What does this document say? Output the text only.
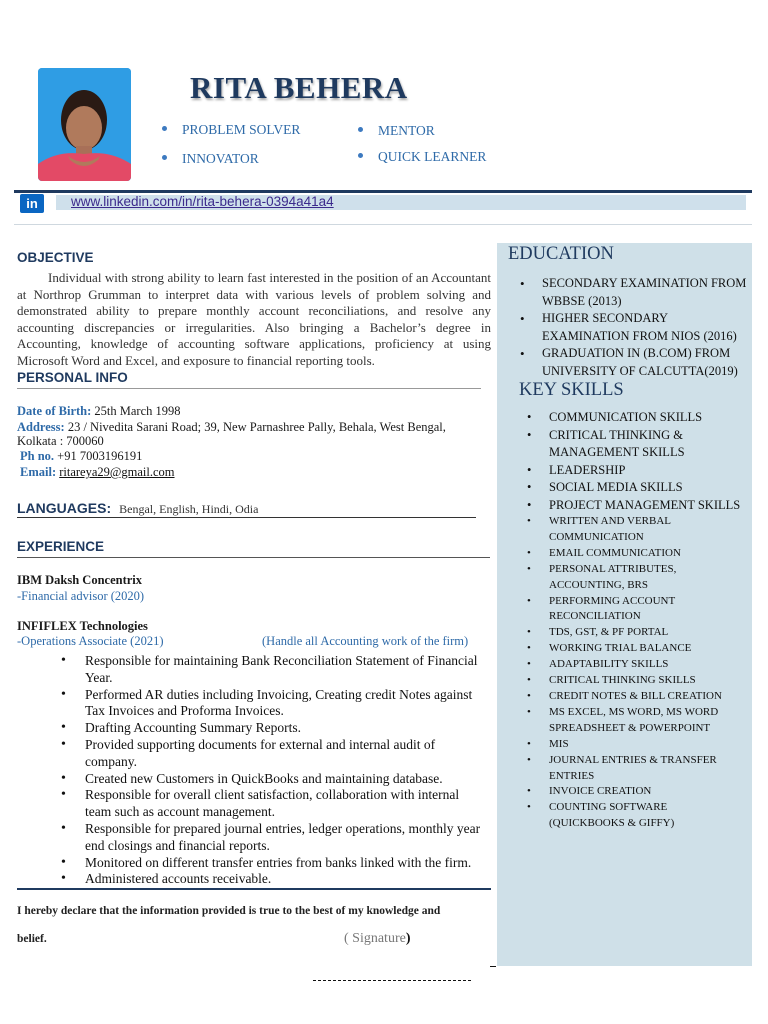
RITA BEHERA
PROBLEM SOLVER	MENTOR
INNOVATOR	QUICK LEARNER
in	www.linkedin.com/in/rita-behera-0394a41a4
OBJECTIVE
Individual with strong ability to learn fast interested in the position of an Accountant at Northrop Grumman to interpret data with various levels of problem solving and demonstrated ability to prepare monthly account reconciliations, and resolve any accounting discrepancies or irregularities. Also bringing a Bachelor’s degree in Accounting, knowledge of accounting software applications, proficiency at using Microsoft Word and Excel, and exposure to financial reporting tools.
PERSONAL INFO
Date of Birth: 25th March 1998
Address: 23 / Nivedita Sarani Road; 39, New Parnashree Pally, Behala, West Bengal,
Kolkata : 700060
Ph no. +91 7003196191
Email: ritareya29@gmail.com
LANGUAGES: Bengal, English, Hindi, Odia
EXPERIENCE
IBM Daksh Concentrix
-Financial advisor (2020)
INFIFLEX Technologies
-Operations Associate (2021)	(Handle all Accounting work of the firm)
• Responsible for maintaining Bank Reconciliation Statement of Financial Year.
• Performed AR duties including Invoicing, Creating credit Notes against Tax Invoices and Proforma Invoices.
• Drafting Accounting Summary Reports.
• Provided supporting documents for external and internal audit of company.
• Created new Customers in QuickBooks and maintaining database.
• Responsible for overall client satisfaction, collaboration with internal team such as account management.
• Responsible for prepared journal entries, ledger operations, monthly year end closings and financial reports.
• Monitored on different transfer entries from banks linked with the firm.
• Administered accounts receivable.
I hereby declare that the information provided is true to the best of my knowledge and
belief.	( Signature)
EDUCATION
• SECONDARY EXAMINATION FROM WBBSE (2013)
• HIGHER SECONDARY EXAMINATION FROM NIOS (2016)
• GRADUATION IN (B.COM) FROM UNIVERSITY OF CALCUTTA(2019)
KEY SKILLS
• COMMUNICATION SKILLS
• CRITICAL THINKING & MANAGEMENT SKILLS
• LEADERSHIP
• SOCIAL MEDIA SKILLS
• PROJECT MANAGEMENT SKILLS
• WRITTEN AND VERBAL COMMUNICATION
• EMAIL COMMUNICATION
• PERSONAL ATTRIBUTES, ACCOUNTING, BRS
• PERFORMING ACCOUNT RECONCILIATION
• TDS, GST, & PF PORTAL
• WORKING TRIAL BALANCE
• ADAPTABILITY SKILLS
• CRITICAL THINKING SKILLS
• CREDIT NOTES & BILL CREATION
• MS EXCEL, MS WORD, MS WORD SPREADSHEET & POWERPOINT
• MIS
• JOURNAL ENTRIES & TRANSFER ENTRIES
• INVOICE CREATION
• COUNTING SOFTWARE (QUICKBOOKS & GIFFY)
